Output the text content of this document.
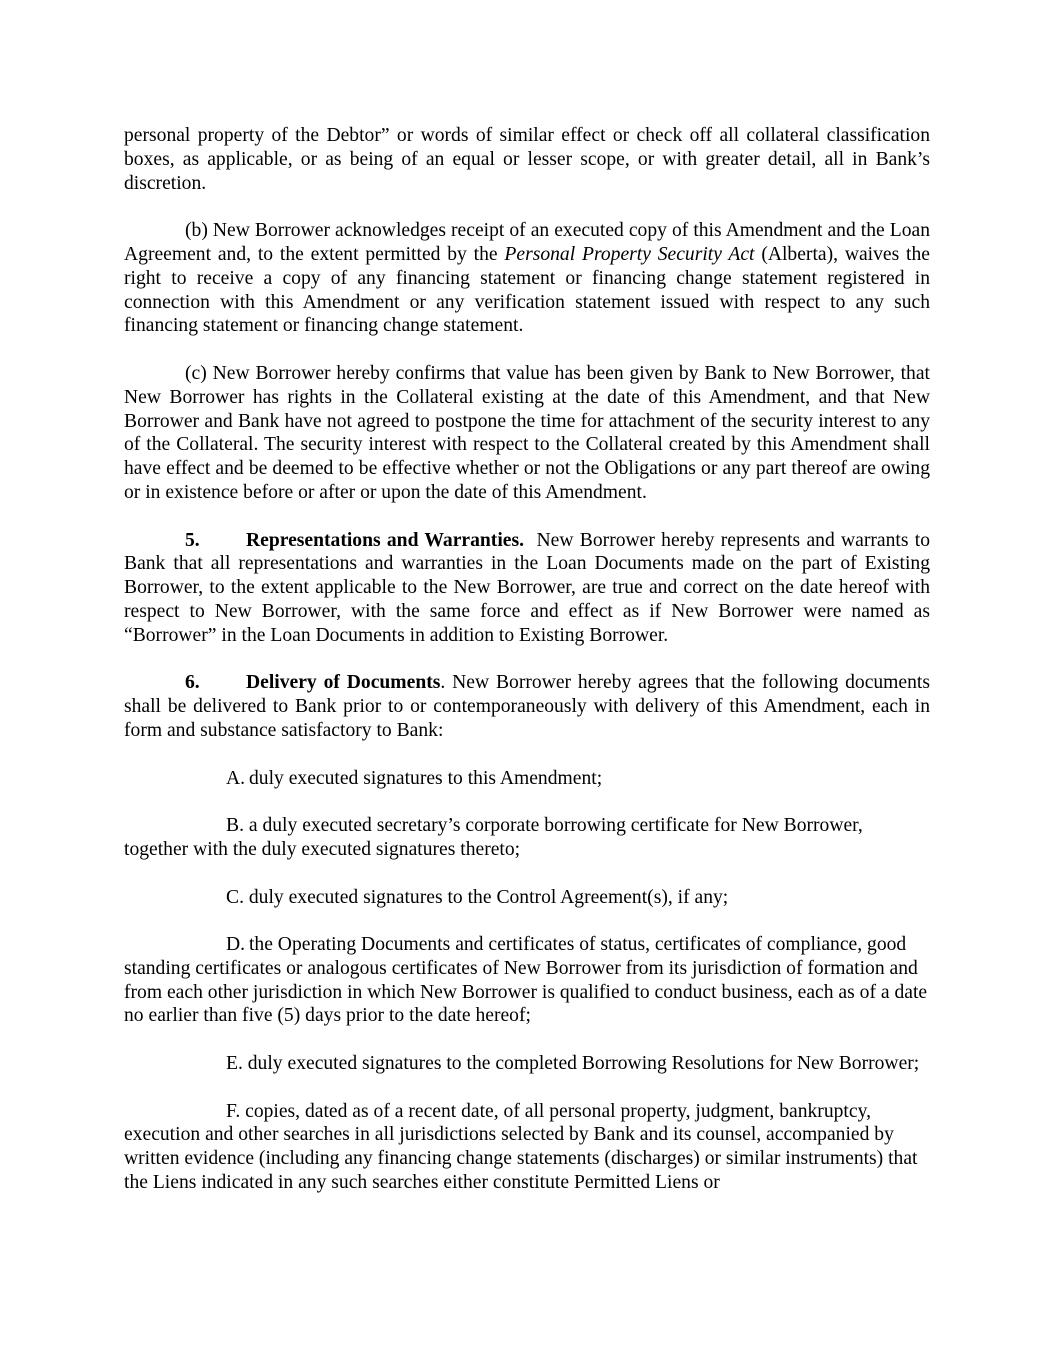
personal property of the Debtor” or words of similar effect or check off all collateral classification boxes, as applicable, or as being of an equal or lesser scope, or with greater detail, all in Bank’s discretion.

(b) New Borrower acknowledges receipt of an executed copy of this Amendment and the Loan Agreement and, to the extent permitted by the Personal Property Security Act (Alberta), waives the right to receive a copy of any financing statement or financing change statement registered in connection with this Amendment or any verification statement issued with respect to any such financing statement or financing change statement.

(c) New Borrower hereby confirms that value has been given by Bank to New Borrower, that New Borrower has rights in the Collateral existing at the date of this Amendment, and that New Borrower and Bank have not agreed to postpone the time for attachment of the security interest to any of the Collateral. The security interest with respect to the Collateral created by this Amendment shall have effect and be deemed to be effective whether or not the Obligations or any part thereof are owing or in existence before or after or upon the date of this Amendment.

5. Representations and Warranties.  New Borrower hereby represents and warrants to Bank that all representations and warranties in the Loan Documents made on the part of Existing Borrower, to the extent applicable to the New Borrower, are true and correct on the date hereof with respect to New Borrower, with the same force and effect as if New Borrower were named as “Borrower” in the Loan Documents in addition to Existing Borrower.

6. Delivery of Documents. New Borrower hereby agrees that the following documents shall be delivered to Bank prior to or contemporaneously with delivery of this Amendment, each in form and substance satisfactory to Bank:

A. duly executed signatures to this Amendment;

B. a duly executed secretary’s corporate borrowing certificate for New Borrower, together with the duly executed signatures thereto;

C. duly executed signatures to the Control Agreement(s), if any;

D. the Operating Documents and certificates of status, certificates of compliance, good standing certificates or analogous certificates of New Borrower from its jurisdiction of formation and from each other jurisdiction in which New Borrower is qualified to conduct business, each as of a date no earlier than five (5) days prior to the date hereof;

E. duly executed signatures to the completed Borrowing Resolutions for New Borrower;

F. copies, dated as of a recent date, of all personal property, judgment, bankruptcy, execution and other searches in all jurisdictions selected by Bank and its counsel, accompanied by written evidence (including any financing change statements (discharges) or similar instruments) that the Liens indicated in any such searches either constitute Permitted Liens or
